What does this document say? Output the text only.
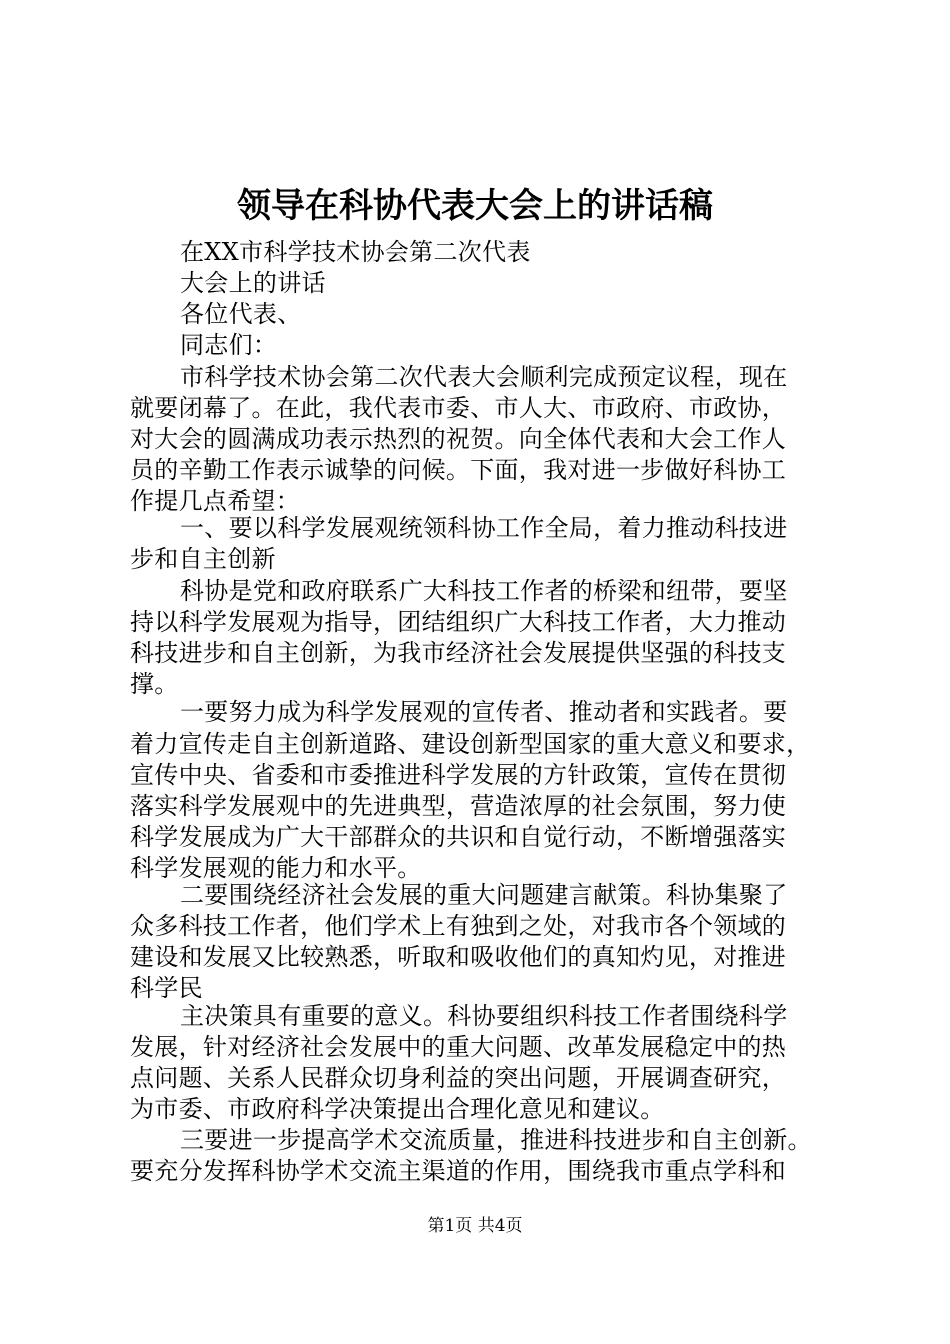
领导在科协代表大会上的讲话稿
在XX市科学技术协会第二次代表
大会上的讲话
各位代表、
同志们：
市科学技术协会第二次代表大会顺利完成预定议程，现在
就要闭幕了。在此，我代表市委、市人大、市政府、市政协，
对大会的圆满成功表示热烈的祝贺。向全体代表和大会工作人
员的辛勤工作表示诚挚的问候。下面，我对进一步做好科协工
作提几点希望：
一、要以科学发展观统领科协工作全局，着力推动科技进
步和自主创新
科协是党和政府联系广大科技工作者的桥梁和纽带，要坚
持以科学发展观为指导，团结组织广大科技工作者，大力推动
科技进步和自主创新，为我市经济社会发展提供坚强的科技支
撑。
一要努力成为科学发展观的宣传者、推动者和实践者。要
着力宣传走自主创新道路、建设创新型国家的重大意义和要求，
宣传中央、省委和市委推进科学发展的方针政策，宣传在贯彻
落实科学发展观中的先进典型，营造浓厚的社会氛围，努力使
科学发展成为广大干部群众的共识和自觉行动，不断增强落实
科学发展观的能力和水平。
二要围绕经济社会发展的重大问题建言献策。科协集聚了
众多科技工作者，他们学术上有独到之处，对我市各个领域的
建设和发展又比较熟悉，听取和吸收他们的真知灼见，对推进
科学民
主决策具有重要的意义。科协要组织科技工作者围绕科学
发展，针对经济社会发展中的重大问题、改革发展稳定中的热
点问题、关系人民群众切身利益的突出问题，开展调查研究，
为市委、市政府科学决策提出合理化意见和建议。
三要进一步提高学术交流质量，推进科技进步和自主创新。
要充分发挥科协学术交流主渠道的作用，围绕我市重点学科和
第1页 共4页
